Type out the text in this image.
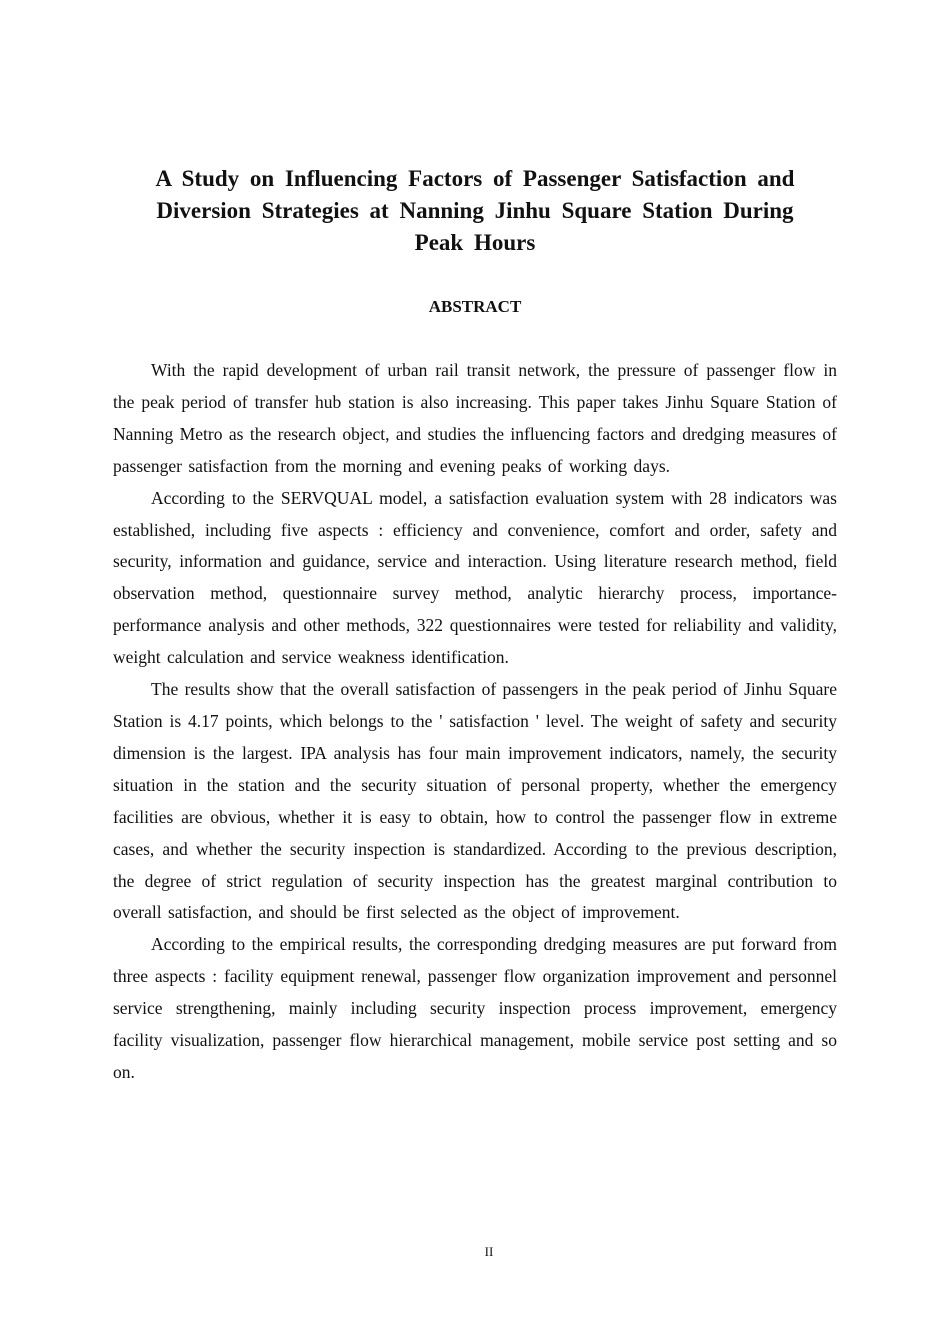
A Study on Influencing Factors of Passenger Satisfaction and Diversion Strategies at Nanning Jinhu Square Station During Peak Hours
ABSTRACT

With the rapid development of urban rail transit network, the pressure of passenger flow in the peak period of transfer hub station is also increasing. This paper takes Jinhu Square Station of Nanning Metro as the research object, and studies the influencing factors and dredging measures of passenger satisfaction from the morning and evening peaks of working days.

According to the SERVQUAL model, a satisfaction evaluation system with 28 indicators was established, including five aspects : efficiency and convenience, comfort and order, safety and security, information and guidance, service and interaction. Using literature research method, field observation method, questionnaire survey method, analytic hierarchy process, importance-performance analysis and other methods, 322 questionnaires were tested for reliability and validity, weight calculation and service weakness identification.

The results show that the overall satisfaction of passengers in the peak period of Jinhu Square Station is 4.17 points, which belongs to the ' satisfaction ' level. The weight of safety and security dimension is the largest. IPA analysis has four main improvement indicators, namely, the security situation in the station and the security situation of personal property, whether the emergency facilities are obvious, whether it is easy to obtain, how to control the passenger flow in extreme cases, and whether the security inspection is standardized. According to the previous description, the degree of strict regulation of security inspection has the greatest marginal contribution to overall satisfaction, and should be first selected as the object of improvement.

According to the empirical results, the corresponding dredging measures are put forward from three aspects : facility equipment renewal, passenger flow organization improvement and personnel service strengthening, mainly including security inspection process improvement, emergency facility visualization, passenger flow hierarchical management, mobile service post setting and so on.

II
